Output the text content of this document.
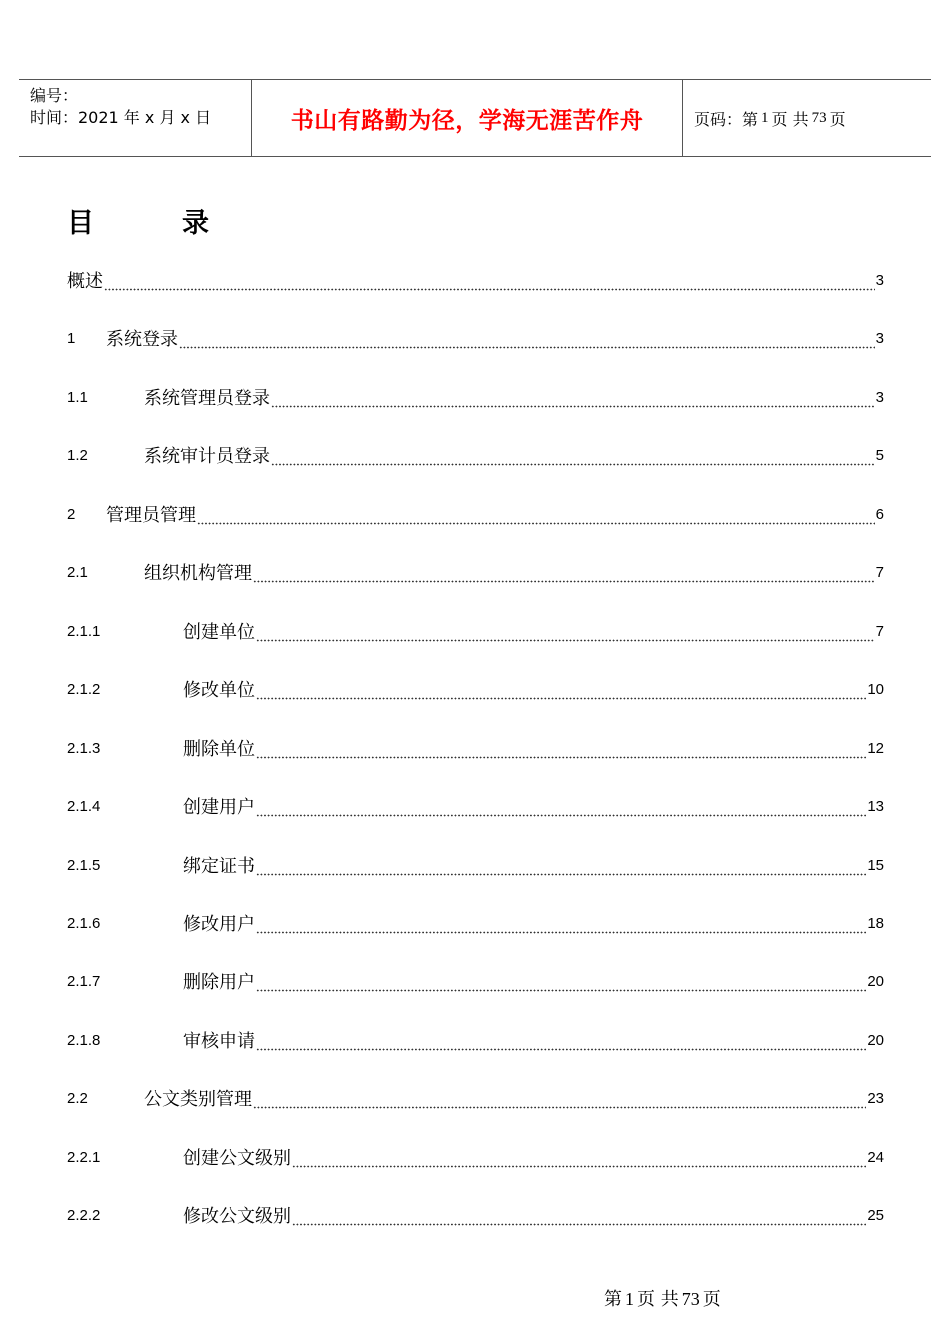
编号：
时间：2021 年 x 月 x 日	书山有路勤为径，学海无涯苦作舟	页码：第 1 页 共 73 页
目	录
概述	3
1	系统登录	3
1.1	系统管理员登录	3
1.2	系统审计员登录	5
2	管理员管理	6
2.1	组织机构管理	7
2.1.1	创建单位	7
2.1.2	修改单位	10
2.1.3	删除单位	12
2.1.4	创建用户	13
2.1.5	绑定证书	15
2.1.6	修改用户	18
2.1.7	删除用户	20
2.1.8	审核申请	20
2.2	公文类别管理	23
2.2.1	创建公文级别	24
2.2.2	修改公文级别	25
第 1 页 共 73 页
